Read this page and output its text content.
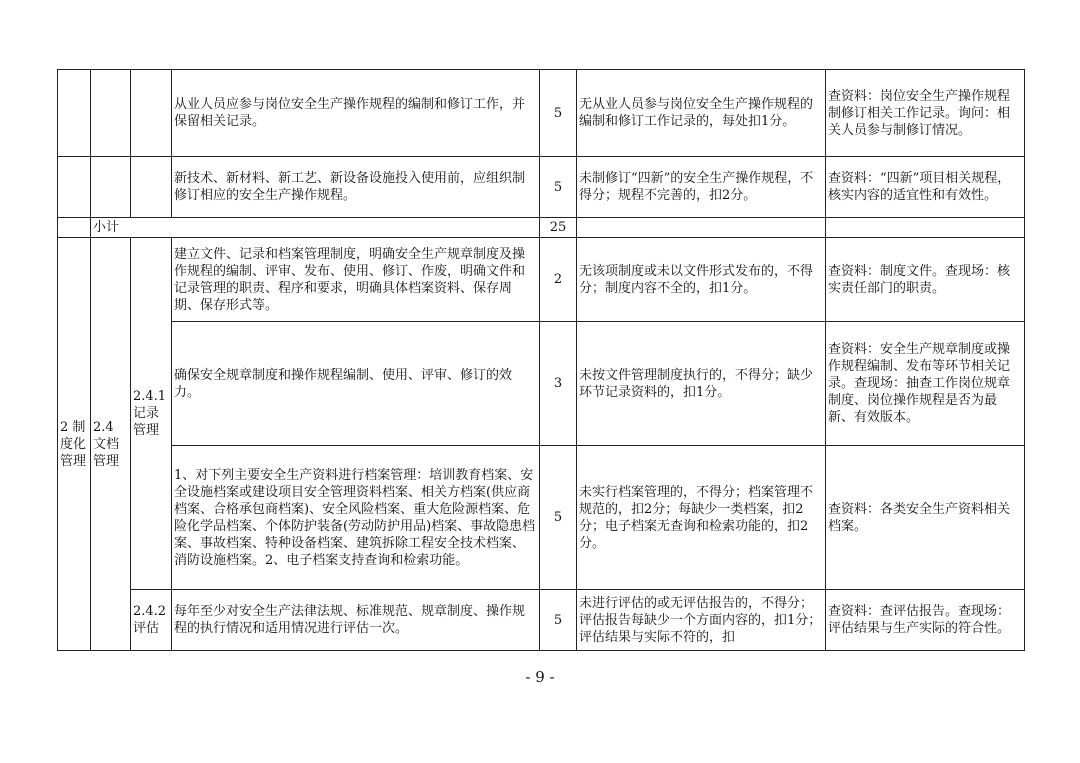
			从业人员应参与岗位安全生产操作规程的编制和修订工作，并保留相关记录。	5	无从业人员参与岗位安全生产操作规程的编制和修订工作记录的，每处扣1分。	查资料：岗位安全生产操作规程制修订相关工作记录。询问：相关人员参与制修订情况。
			新技术、新材料、新工艺、新设备设施投入使用前，应组织制修订相应的安全生产操作规程。	5	未制修订“四新”的安全生产操作规程，不得分；规程不完善的，扣2分。	查资料：“四新”项目相关规程，核实内容的适宜性和有效性。
	小计			25		
2 制度化管理	2.4 文档管理	2.4.1 记录管理	建立文件、记录和档案管理制度，明确安全生产规章制度及操作规程的编制、评审、发布、使用、修订、作废，明确文件和记录管理的职责、程序和要求，明确具体档案资料、保存周期、保存形式等。	2	无该项制度或未以文件形式发布的，不得分；制度内容不全的，扣1分。	查资料：制度文件。查现场：核实责任部门的职责。
			确保安全规章制度和操作规程编制、使用、评审、修订的效力。	3	未按文件管理制度执行的，不得分；缺少环节记录资料的，扣1分。	查资料：安全生产规章制度或操作规程编制、发布等环节相关记录。查现场：抽查工作岗位规章制度、岗位操作规程是否为最新、有效版本。
			1、对下列主要安全生产资料进行档案管理：培训教育档案、安全设施档案或建设项目安全管理资料档案、相关方档案(供应商档案、合格承包商档案)、安全风险档案、重大危险源档案、危险化学品档案、个体防护装备(劳动防护用品)档案、事故隐患档案、事故档案、特种设备档案、建筑拆除工程安全技术档案、消防设施档案。2、电子档案支持查询和检索功能。	5	未实行档案管理的，不得分；档案管理不规范的，扣2分；每缺少一类档案，扣2分；电子档案无查询和检索功能的，扣2分。	查资料：各类安全生产资料相关档案。
		2.4.2 评估	每年至少对安全生产法律法规、标准规范、规章制度、操作规程的执行情况和适用情况进行评估一次。	5	未进行评估的或无评估报告的，不得分；评估报告每缺少一个方面内容的，扣1分；评估结果与实际不符的，扣	查资料：查评估报告。查现场：评估结果与生产实际的符合性。
- 9 -
